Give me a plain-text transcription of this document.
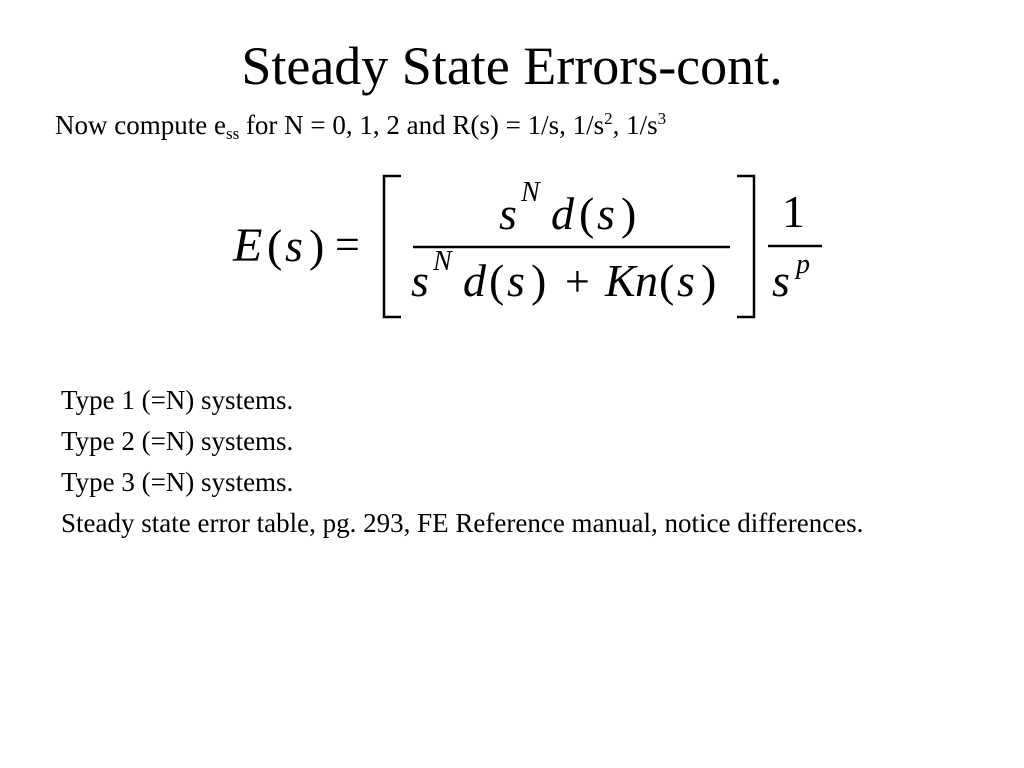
Steady State Errors-cont.
Now compute $e_{ss}$ for N = 0, 1, 2 and R(s) = 1/s, $1/s^2$, $1/s^3$
E ( s ) =
s N d ( s )
s N d ( s ) + K n ( s )
1
s p
Type 1 (=N) systems.
Type 2 (=N) systems.
Type 3 (=N) systems.
Steady state error table, pg. 293, FE Reference manual, notice differences.
